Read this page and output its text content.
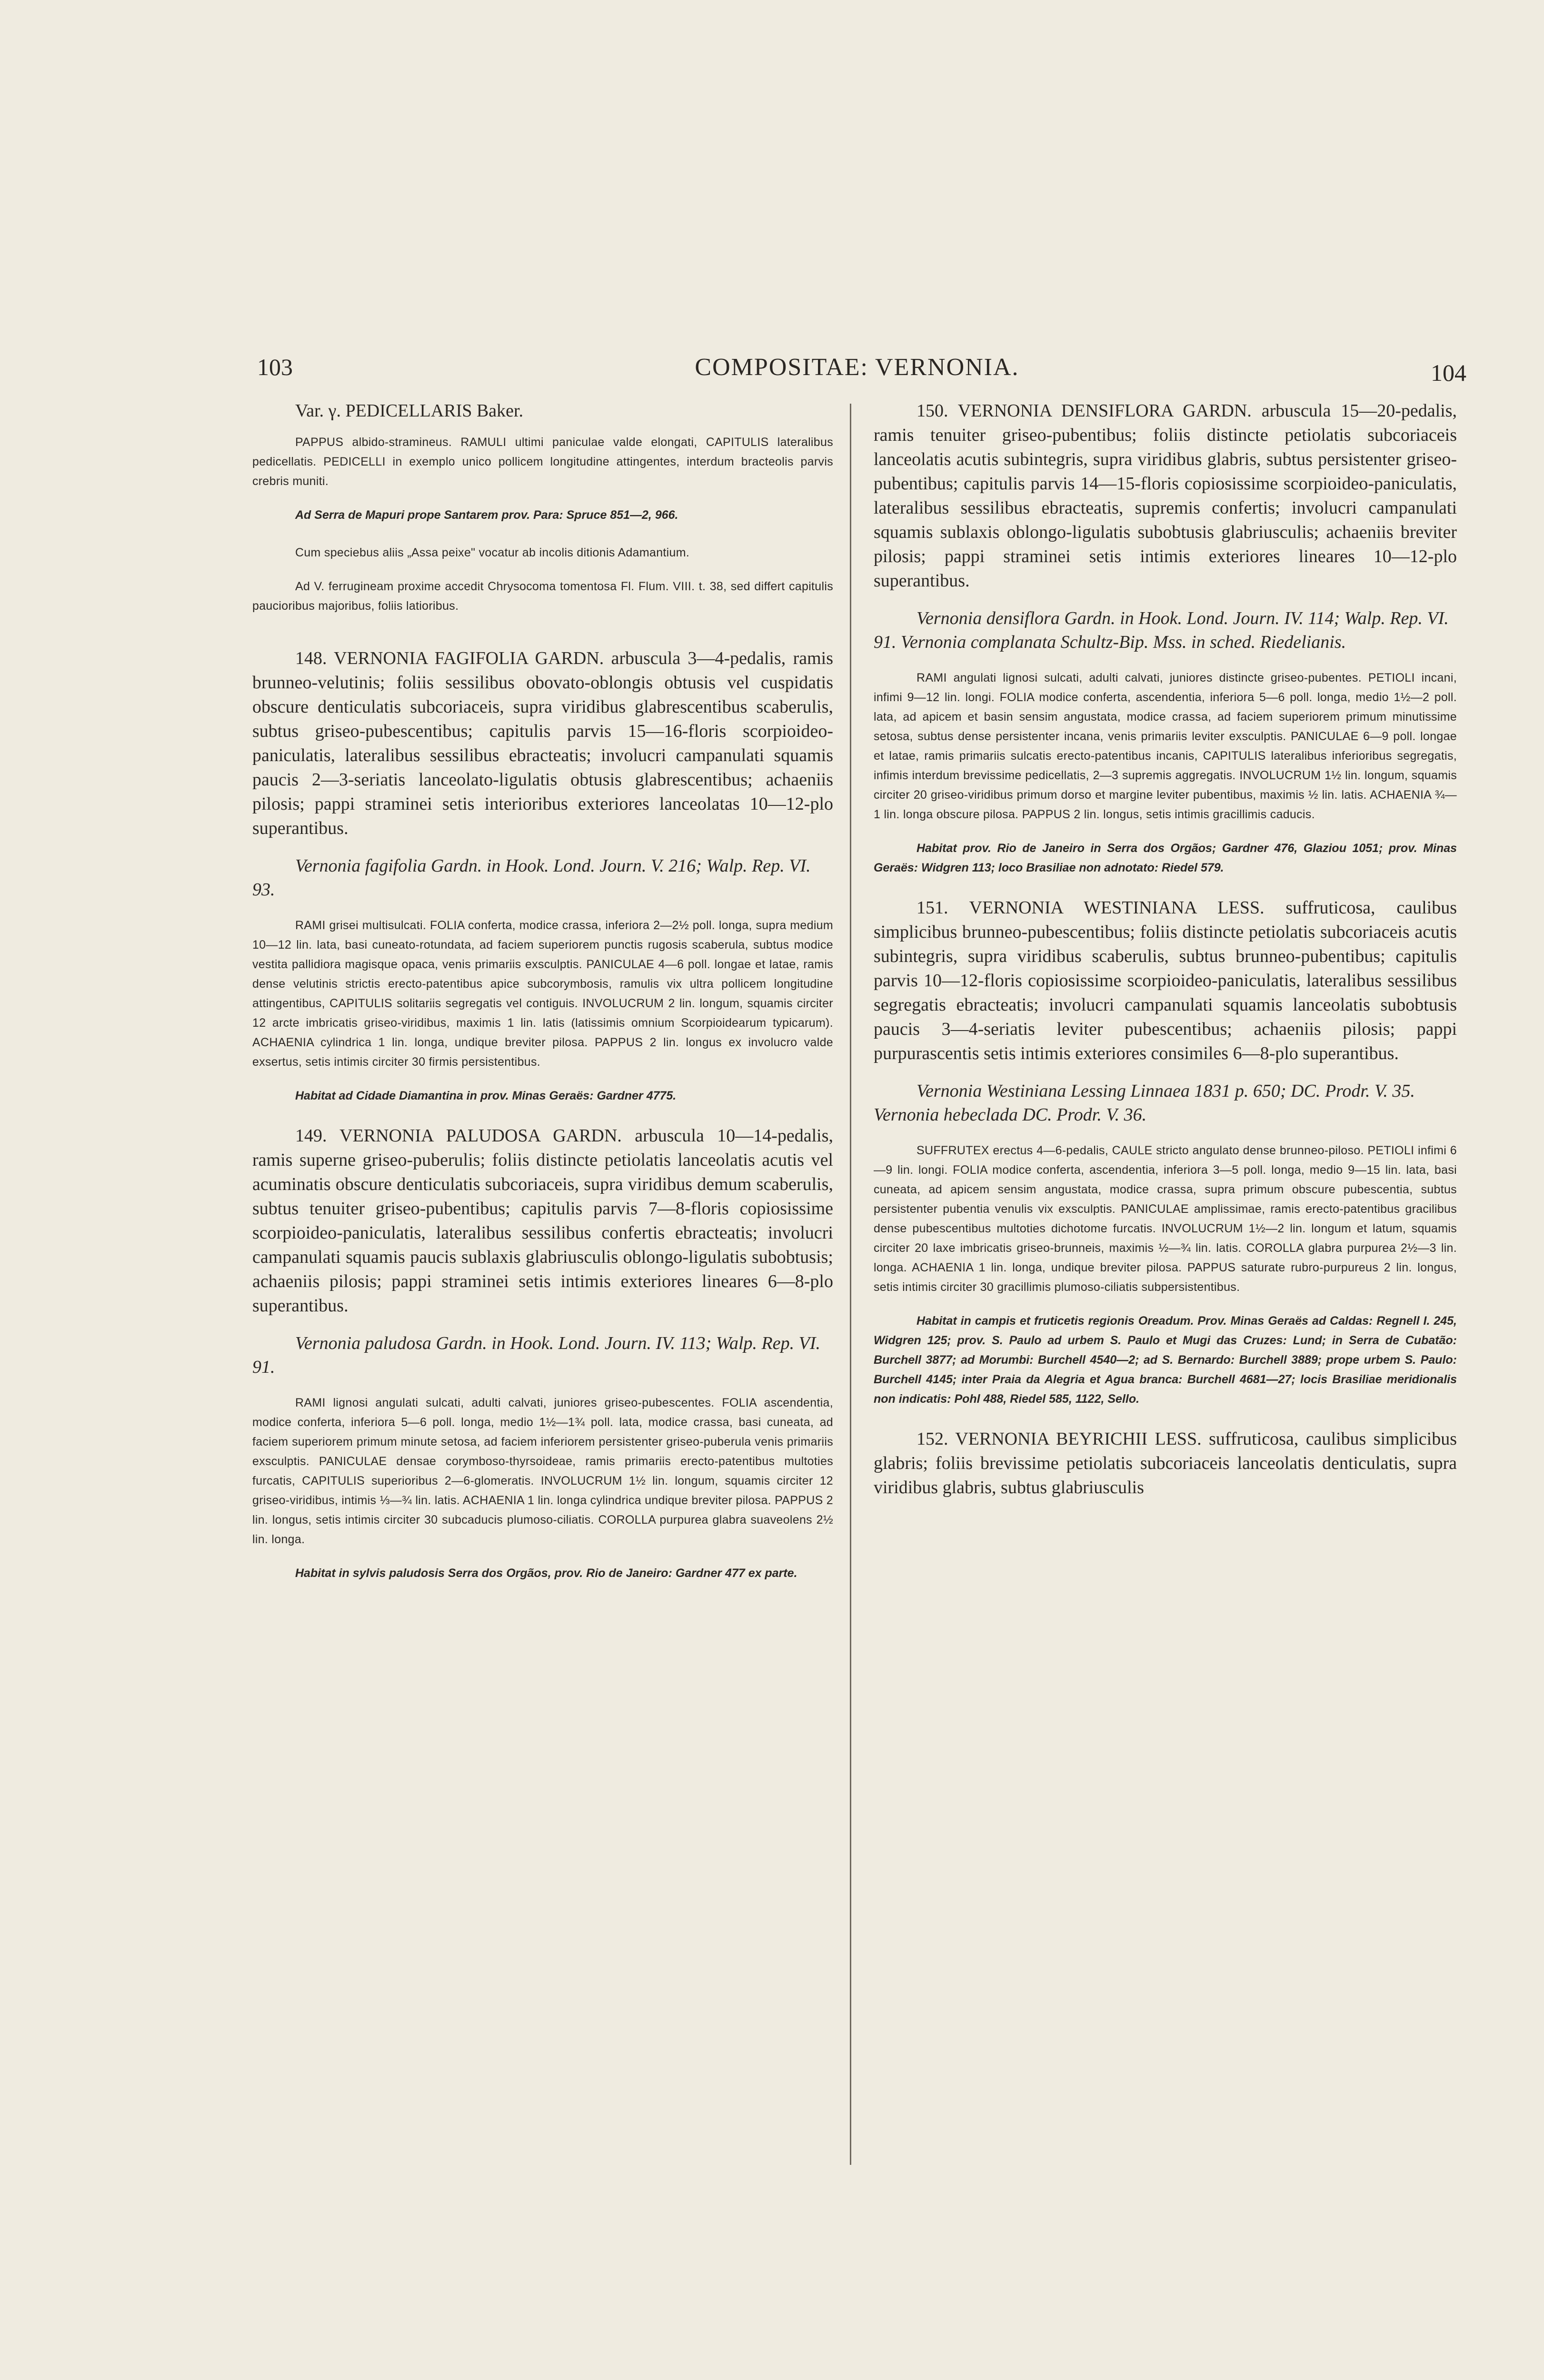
103	COMPOSITAE: VERNONIA.	104

Var. γ. PEDICELLARIS Baker.

PAPPUS albido-stramineus. RAMULI ultimi paniculae valde elongati, CAPITULIS lateralibus pedicellatis. PEDICELLI in exemplo unico pollicem longitudine attingentes, interdum bracteolis parvis crebris muniti.

Ad Serra de Mapuri prope Santarem prov. Para: Spruce 851—2, 966.

Cum speciebus aliis „Assa peixe" vocatur ab incolis ditionis Adamantium.

Ad V. ferrugineam proxime accedit Chrysocoma tomentosa Fl. Flum. VIII. t. 38, sed differt capitulis paucioribus majoribus, foliis latioribus.

148. VERNONIA FAGIFOLIA GARDN. arbuscula 3—4-pedalis, ramis brunneo-velutinis; foliis sessilibus obovato-oblongis obtusis vel cuspidatis obscure denticulatis subcoriaceis, supra viridibus glabrescentibus scaberulis, subtus griseo-pubescentibus; capitulis parvis 15—16-floris scorpioideo-paniculatis, lateralibus sessilibus ebracteatis; involucri campanulati squamis paucis 2—3-seriatis lanceolato-ligulatis obtusis glabrescentibus; achaeniis pilosis; pappi straminei setis interioribus exteriores lanceolatas 10—12-plo superantibus.

Vernonia fagifolia Gardn. in Hook. Lond. Journ. V. 216; Walp. Rep. VI. 93.

RAMI grisei multisulcati. FOLIA conferta, modice crassa, inferiora 2—2½ poll. longa, supra medium 10—12 lin. lata, basi cuneato-rotundata, ad faciem superiorem punctis rugosis scaberula, subtus modice vestita pallidiora magisque opaca, venis primariis exsculptis. PANICULAE 4—6 poll. longae et latae, ramis dense velutinis strictis erecto-patentibus apice subcorymbosis, ramulis vix ultra pollicem longitudine attingentibus, CAPITULIS solitariis segregatis vel contiguis. INVOLUCRUM 2 lin. longum, squamis circiter 12 arcte imbricatis griseo-viridibus, maximis 1 lin. latis (latissimis omnium Scorpioidearum typicarum). ACHAENIA cylindrica 1 lin. longa, undique breviter pilosa. PAPPUS 2 lin. longus ex involucro valde exsertus, setis intimis circiter 30 firmis persistentibus.

Habitat ad Cidade Diamantina in prov. Minas Geraës: Gardner 4775.

149. VERNONIA PALUDOSA GARDN. arbuscula 10—14-pedalis, ramis superne griseo-puberulis; foliis distincte petiolatis lanceolatis acutis vel acuminatis obscure denticulatis subcoriaceis, supra viridibus demum scaberulis, subtus tenuiter griseo-pubentibus; capitulis parvis 7—8-floris copiosissime scorpioideo-paniculatis, lateralibus sessilibus confertis ebracteatis; involucri campanulati squamis paucis sublaxis glabriusculis oblongo-ligulatis subobtusis; achaeniis pilosis; pappi straminei setis intimis exteriores lineares 6—8-plo superantibus.

Vernonia paludosa Gardn. in Hook. Lond. Journ. IV. 113; Walp. Rep. VI. 91.

RAMI lignosi angulati sulcati, adulti calvati, juniores griseo-pubescentes. FOLIA ascendentia, modice conferta, inferiora 5—6 poll. longa, medio 1½—1¾ poll. lata, modice crassa, basi cuneata, ad faciem superiorem primum minute setosa, ad faciem inferiorem persistenter griseo-puberula venis primariis exsculptis. PANICULAE densae corymboso-thyrsoideae, ramis primariis erecto-patentibus multoties furcatis, CAPITULIS superioribus 2—6-glomeratis. INVOLUCRUM 1½ lin. longum, squamis circiter 12 griseo-viridibus, intimis ⅓—¾ lin. latis. ACHAENIA 1 lin. longa cylindrica undique breviter pilosa. PAPPUS 2 lin. longus, setis intimis circiter 30 subcaducis plumoso-ciliatis. COROLLA purpurea glabra suaveolens 2½ lin. longa.

Habitat in sylvis paludosis Serra dos Orgãos, prov. Rio de Janeiro: Gardner 477 ex parte.

150. VERNONIA DENSIFLORA GARDN. arbuscula 15—20-pedalis, ramis tenuiter griseo-pubentibus; foliis distincte petiolatis subcoriaceis lanceolatis acutis subintegris, supra viridibus glabris, subtus persistenter griseo-pubentibus; capitulis parvis 14—15-floris copiosissime scorpioideo-paniculatis, lateralibus sessilibus ebracteatis, supremis confertis; involucri campanulati squamis sublaxis oblongo-ligulatis subobtusis glabriusculis; achaeniis breviter pilosis; pappi straminei setis intimis exteriores lineares 10—12-plo superantibus.

Vernonia densiflora Gardn. in Hook. Lond. Journ. IV. 114; Walp. Rep. VI. 91. Vernonia complanata Schultz-Bip. Mss. in sched. Riedelianis.

RAMI angulati lignosi sulcati, adulti calvati, juniores distincte griseo-pubentes. PETIOLI incani, infimi 9—12 lin. longi. FOLIA modice conferta, ascendentia, inferiora 5—6 poll. longa, medio 1½—2 poll. lata, ad apicem et basin sensim angustata, modice crassa, ad faciem superiorem primum minutissime setosa, subtus dense persistenter incana, venis primariis leviter exsculptis. PANICULAE 6—9 poll. longae et latae, ramis primariis sulcatis erecto-patentibus incanis, CAPITULIS lateralibus inferioribus segregatis, infimis interdum brevissime pedicellatis, 2—3 supremis aggregatis. INVOLUCRUM 1½ lin. longum, squamis circiter 20 griseo-viridibus primum dorso et margine leviter pubentibus, maximis ½ lin. latis. ACHAENIA ¾—1 lin. longa obscure pilosa. PAPPUS 2 lin. longus, setis intimis gracillimis caducis.

Habitat prov. Rio de Janeiro in Serra dos Orgãos; Gardner 476, Glaziou 1051; prov. Minas Geraës: Widgren 113; loco Brasiliae non adnotato: Riedel 579.

151. VERNONIA WESTINIANA LESS. suffruticosa, caulibus simplicibus brunneo-pubescentibus; foliis distincte petiolatis subcoriaceis acutis subintegris, supra viridibus scaberulis, subtus brunneo-pubentibus; capitulis parvis 10—12-floris copiosissime scorpioideo-paniculatis, lateralibus sessilibus segregatis ebracteatis; involucri campanulati squamis lanceolatis subobtusis paucis 3—4-seriatis leviter pubescentibus; achaeniis pilosis; pappi purpurascentis setis intimis exteriores consimiles 6—8-plo superantibus.

Vernonia Westiniana Lessing Linnaea 1831 p. 650; DC. Prodr. V. 35. Vernonia hebeclada DC. Prodr. V. 36.

SUFFRUTEX erectus 4—6-pedalis, CAULE stricto angulato dense brunneo-piloso. PETIOLI infimi 6—9 lin. longi. FOLIA modice conferta, ascendentia, inferiora 3—5 poll. longa, medio 9—15 lin. lata, basi cuneata, ad apicem sensim angustata, modice crassa, supra primum obscure pubescentia, subtus persistenter pubentia venulis vix exsculptis. PANICULAE amplissimae, ramis erecto-patentibus gracilibus dense pubescentibus multoties dichotome furcatis. INVOLUCRUM 1½—2 lin. longum et latum, squamis circiter 20 laxe imbricatis griseo-brunneis, maximis ½—¾ lin. latis. COROLLA glabra purpurea 2½—3 lin. longa. ACHAENIA 1 lin. longa, undique breviter pilosa. PAPPUS saturate rubro-purpureus 2 lin. longus, setis intimis circiter 30 gracillimis plumoso-ciliatis subpersistentibus.

Habitat in campis et fruticetis regionis Oreadum. Prov. Minas Geraës ad Caldas: Regnell I. 245, Widgren 125; prov. S. Paulo ad urbem S. Paulo et Mugi das Cruzes: Lund; in Serra de Cubatão: Burchell 3877; ad Morumbi: Burchell 4540—2; ad S. Bernardo: Burchell 3889; prope urbem S. Paulo: Burchell 4145; inter Praia da Alegria et Agua branca: Burchell 4681—27; locis Brasiliae meridionalis non indicatis: Pohl 488, Riedel 585, 1122, Sello.

152. VERNONIA BEYRICHII LESS. suffruticosa, caulibus simplicibus glabris; foliis brevissime petiolatis subcoriaceis lanceolatis denticulatis, supra viridibus glabris, subtus glabriusculis
